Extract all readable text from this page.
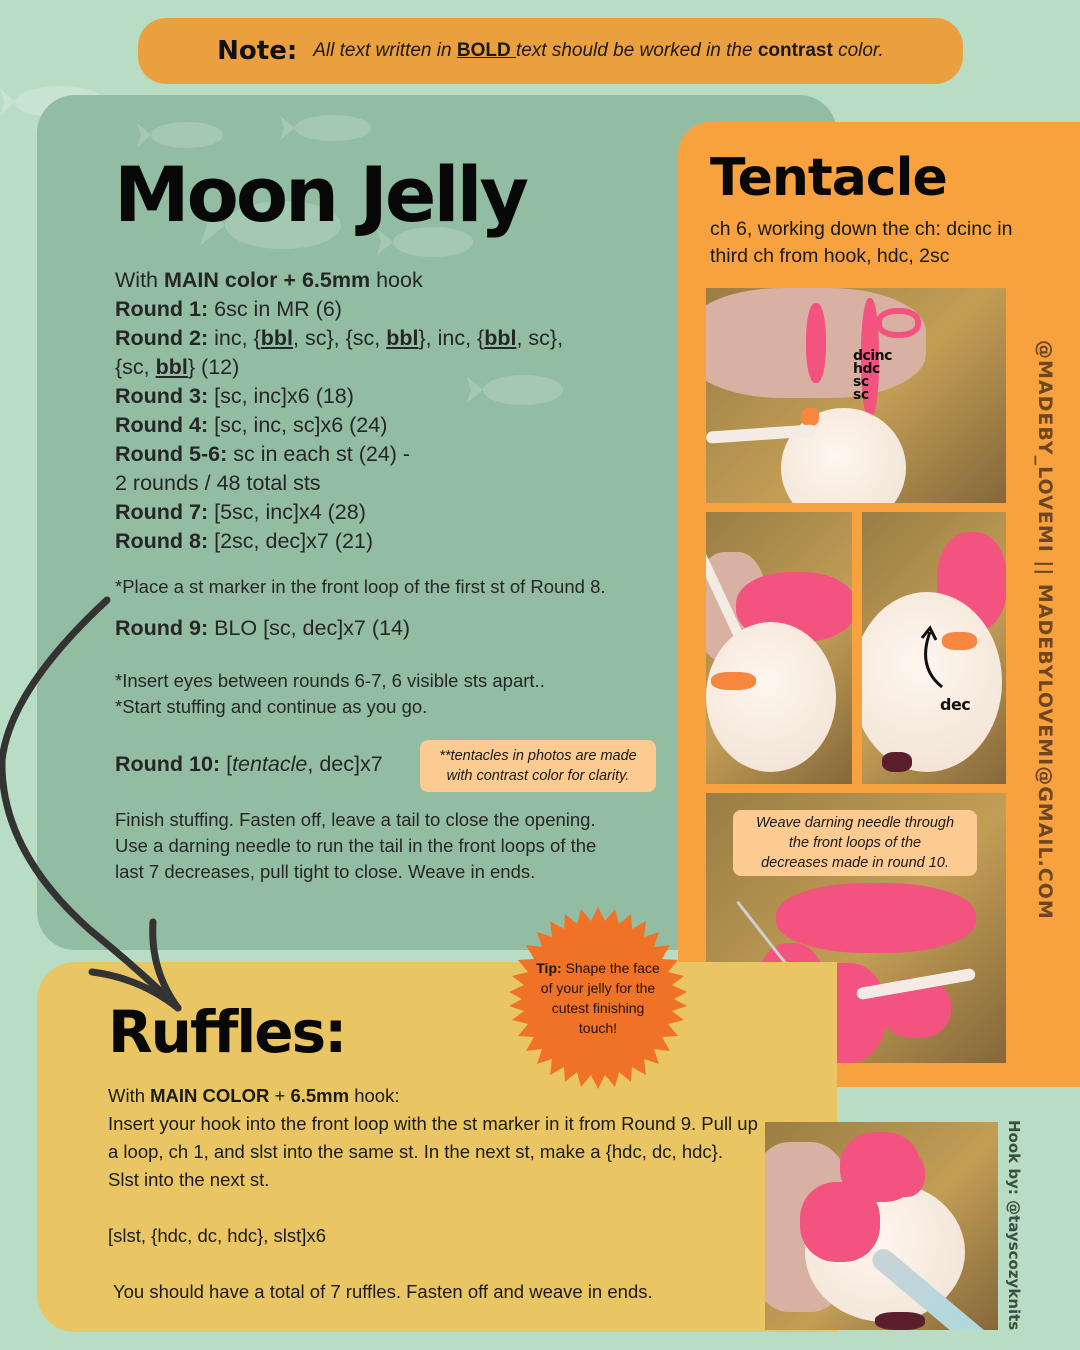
Note: All text written in BOLD text should be worked in the contrast color.
Moon Jelly
With MAIN color + 6.5mm hook
Round 1: 6sc in MR (6)
Round 2: inc, {bbl, sc}, {sc, bbl}, inc, {bbl, sc},
{sc, bbl} (12)
Round 3: [sc, inc]x6 (18)
Round 4: [sc, inc, sc]x6 (24)
Round 5-6: sc in each st (24) -
2 rounds / 48 total sts
Round 7: [5sc, inc]x4 (28)
Round 8: [2sc, dec]x7 (21)
*Place a st marker in the front loop of the first st of Round 8.
Round 9: BLO [sc, dec]x7 (14)
*Insert eyes between rounds 6-7, 6 visible sts apart..
*Start stuffing and continue as you go.
Round 10: [tentacle, dec]x7
Finish stuffing. Fasten off, leave a tail to close the opening. Use a darning needle to run the tail in the front loops of the last 7 decreases, pull tight to close. Weave in ends.
**tentacles in photos are made
with contrast color for clarity.
Tentacle
ch 6, working down the ch: dcinc in third ch from hook, hdc, 2sc
dcinc
hdc
sc
sc
dec
Weave darning needle through
the front loops of the
decreases made in round 10.	@MADEBY_LOVEMI || MADEBYLOVEMI@GMAIL.COM
Ruffles:
With MAIN COLOR + 6.5mm hook:
Insert your hook into the front loop with the st marker in it from Round 9. Pull up a loop, ch 1, and slst into the same st. In the next st, make a {hdc, dc, hdc}. Slst into the next st.
[slst, {hdc, dc, hdc}, slst]x6
You should have a total of 7 ruffles. Fasten off and weave in ends.	Hook by: @tayscozyknits
Tip: Shape the face of your jelly for the cutest finishing touch!
